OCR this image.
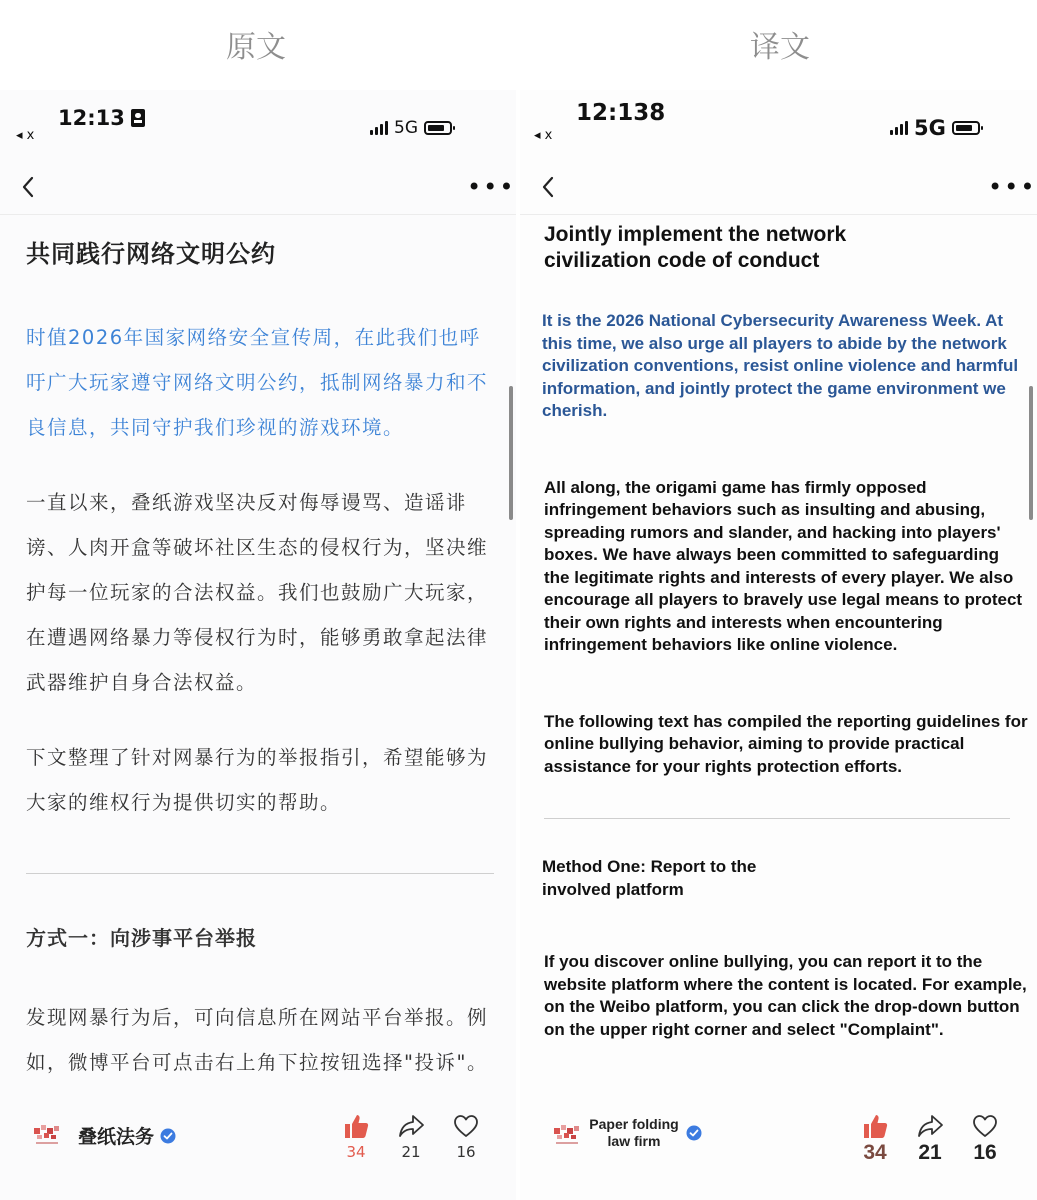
原文	译文
◂ x
12:13	5G
•••
共同践行网络文明公约
时值2026年国家网络安全宣传周，在此我们也呼吁广大玩家遵守网络文明公约，抵制网络暴力和不良信息，共同守护我们珍视的游戏环境。
一直以来，叠纸游戏坚决反对侮辱谩骂、造谣诽谤、人肉开盒等破坏社区生态的侵权行为，坚决维护每一位玩家的合法权益。我们也鼓励广大玩家，在遭遇网络暴力等侵权行为时，能够勇敢拿起法律武器维护自身合法权益。
下文整理了针对网暴行为的举报指引，希望能够为大家的维权行为提供切实的帮助。
方式一：向涉事平台举报
发现网暴行为后，可向信息所在网站平台举报。例如，微博平台可点击右上角下拉按钮选择"投诉"。
叠纸法务
34	21	16
◂ x
12:138
5G
•••
Jointly implement the network civilization code of conduct
It is the 2026 National Cybersecurity Awareness Week. At this time, we also urge all players to abide by the network civilization conventions, resist online violence and harmful information, and jointly protect the game environment we cherish.
All along, the origami game has firmly opposed infringement behaviors such as insulting and abusing, spreading rumors and slander, and hacking into players' boxes. We have always been committed to safeguarding the legitimate rights and interests of every player. We also encourage all players to bravely use legal means to protect their own rights and interests when encountering infringement behaviors like online violence.
The following text has compiled the reporting guidelines for online bullying behavior, aiming to provide practical assistance for your rights protection efforts.
Method One: Report to the involved platform
If you discover online bullying, you can report it to the website platform where the content is located. For example, on the Weibo platform, you can click the drop-down button on the upper right corner and select "Complaint".
Paper folding law firm	34 21 16
